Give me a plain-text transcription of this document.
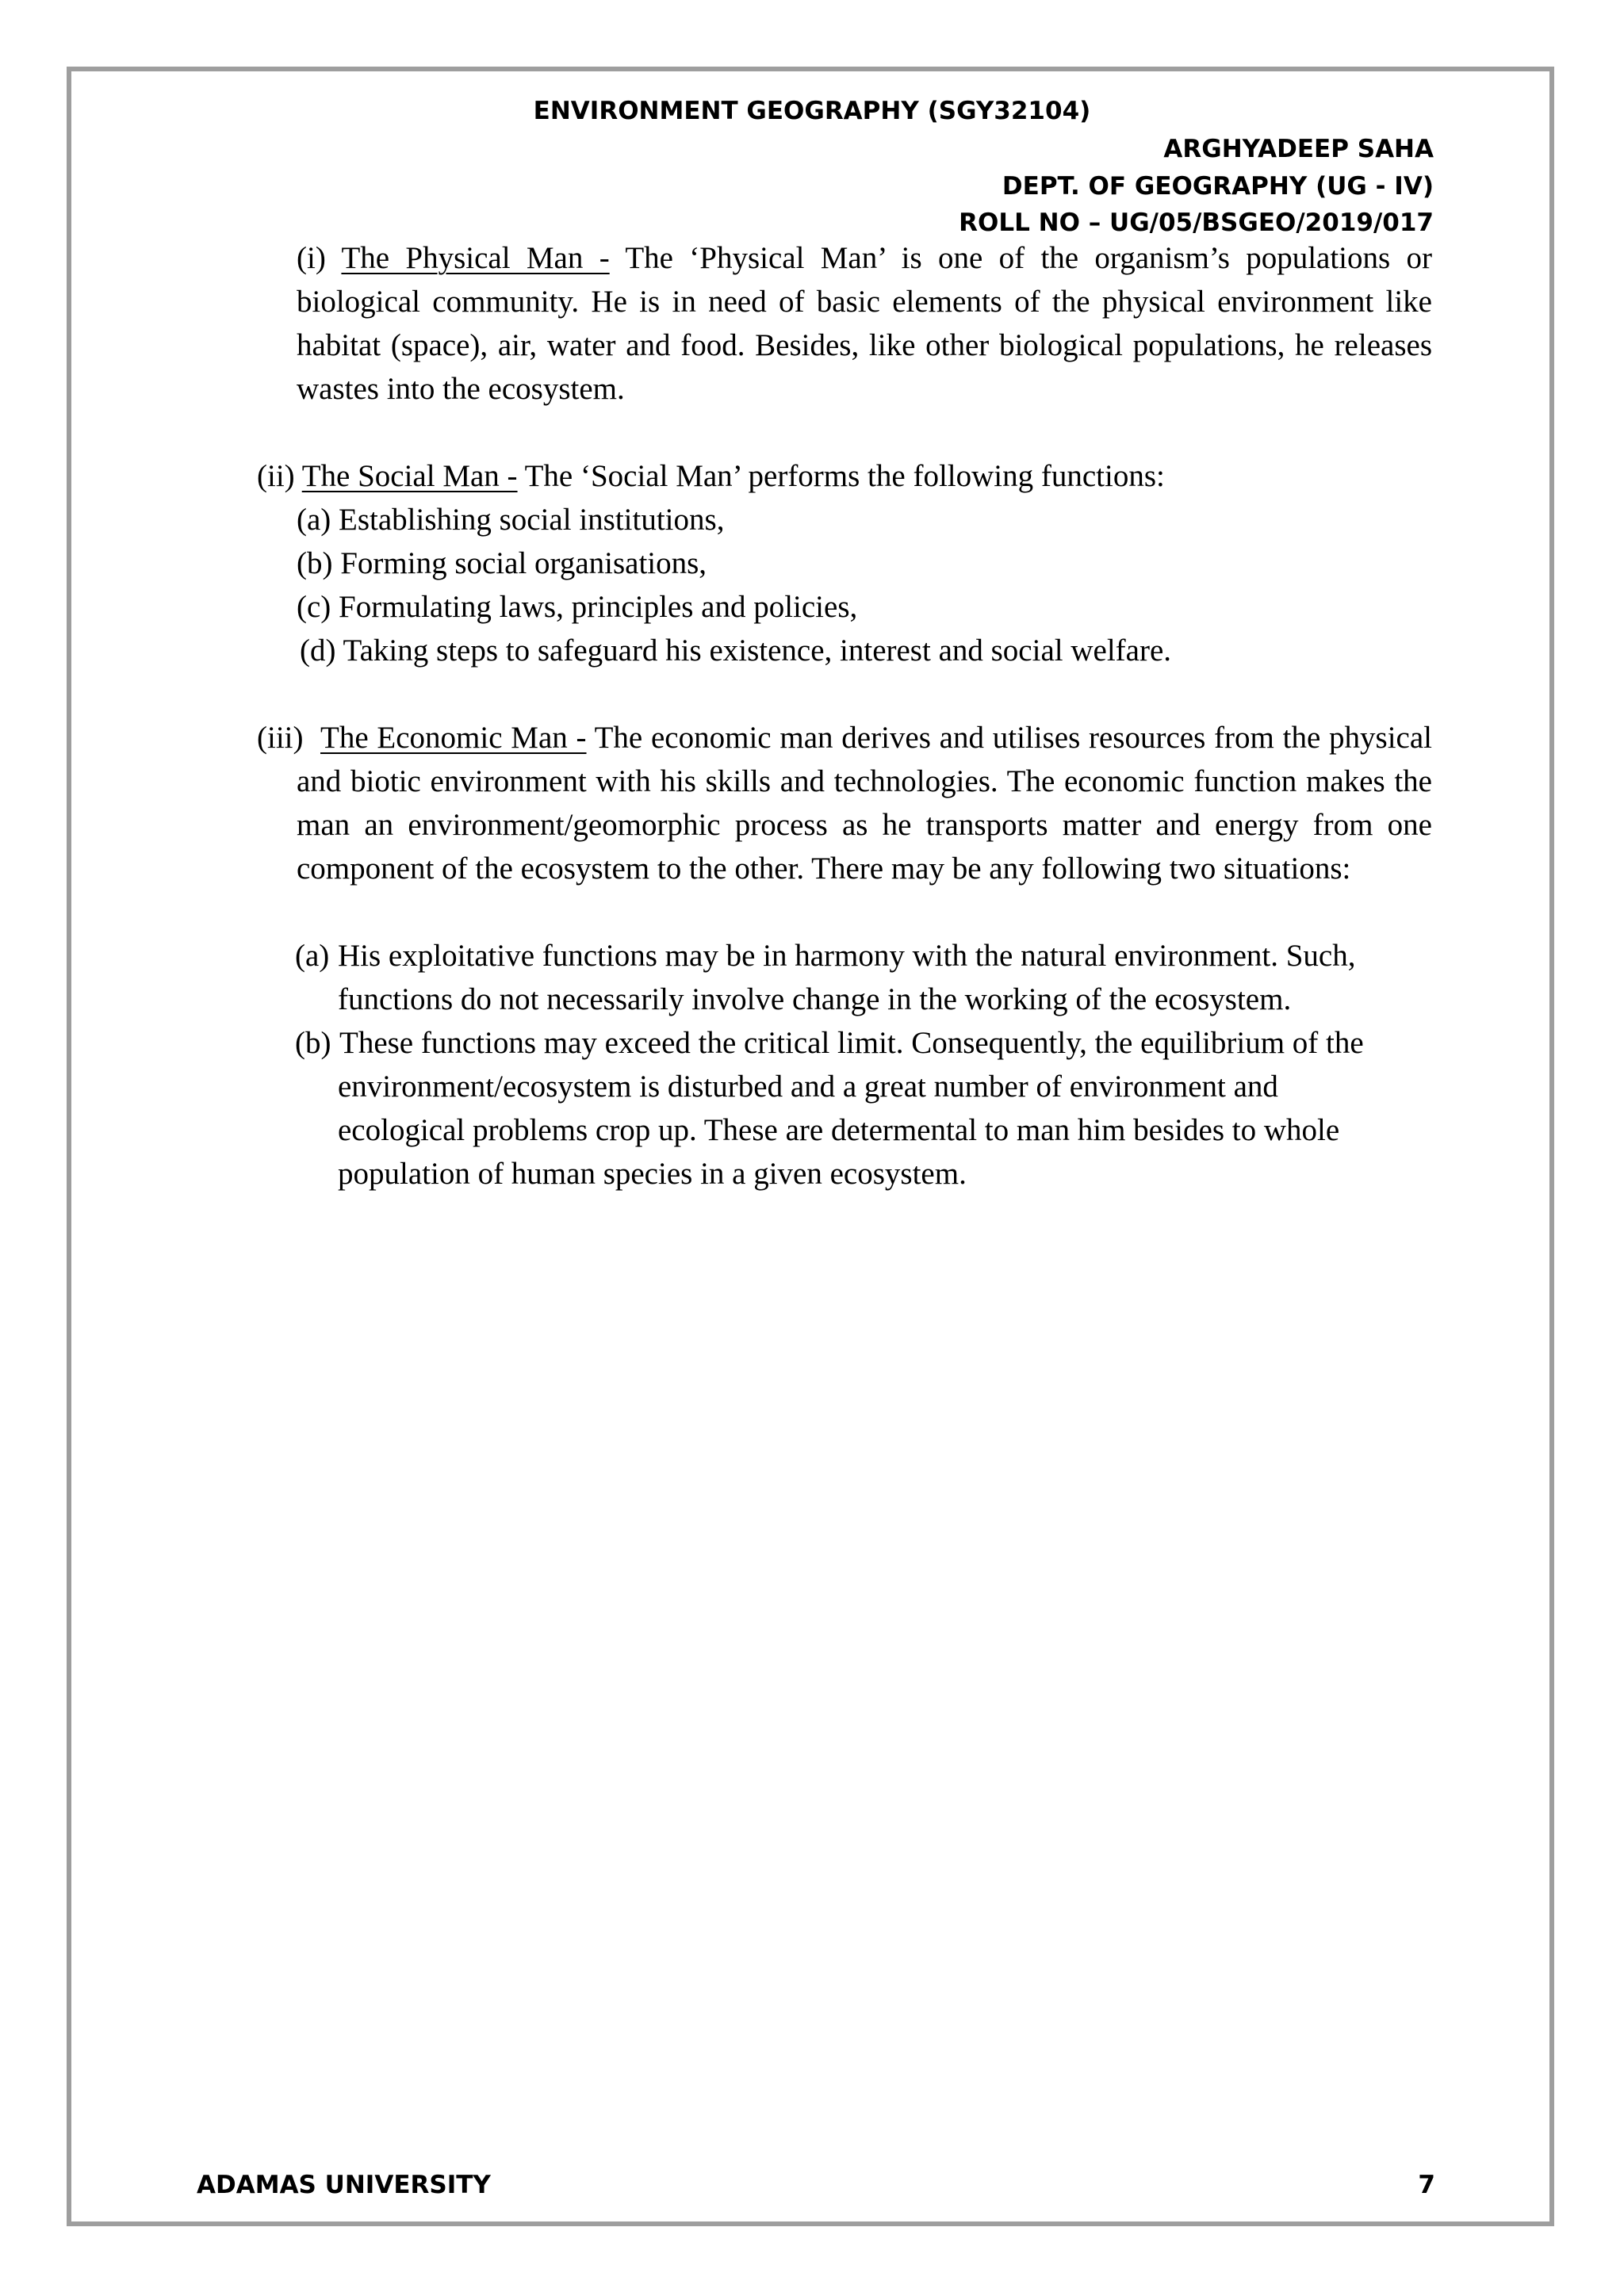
ENVIRONMENT GEOGRAPHY (SGY32104)
ARGHYADEEP SAHA
DEPT. OF GEOGRAPHY (UG - IV)
ROLL NO – UG/05/BSGEO/2019/017
(i) The Physical Man - The ‘Physical Man’ is one of the organism’s populations or biological community. He is in need of basic elements of the physical environment like habitat (space), air, water and food. Besides, like other biological populations, he releases wastes into the ecosystem.
(ii) The Social Man - The ‘Social Man’ performs the following functions:
(a) Establishing social institutions,
(b) Forming social organisations,
(c) Formulating laws, principles and policies,
(d) Taking steps to safeguard his existence, interest and social welfare.
(iii) The Economic Man - The economic man derives and utilises resources from the physical and biotic environment with his skills and technologies. The economic function makes the man an environment/geomorphic process as he transports matter and energy from one component of the ecosystem to the other. There may be any following two situations:
(a) His exploitative functions may be in harmony with the natural environment. Such,
functions do not necessarily involve change in the working of the ecosystem.
(b) These functions may exceed the critical limit. Consequently, the equilibrium of the
environment/ecosystem is disturbed and a great number of environment and
ecological problems crop up. These are determental to man him besides to whole
population of human species in a given ecosystem.
ADAMAS UNIVERSITY	7
